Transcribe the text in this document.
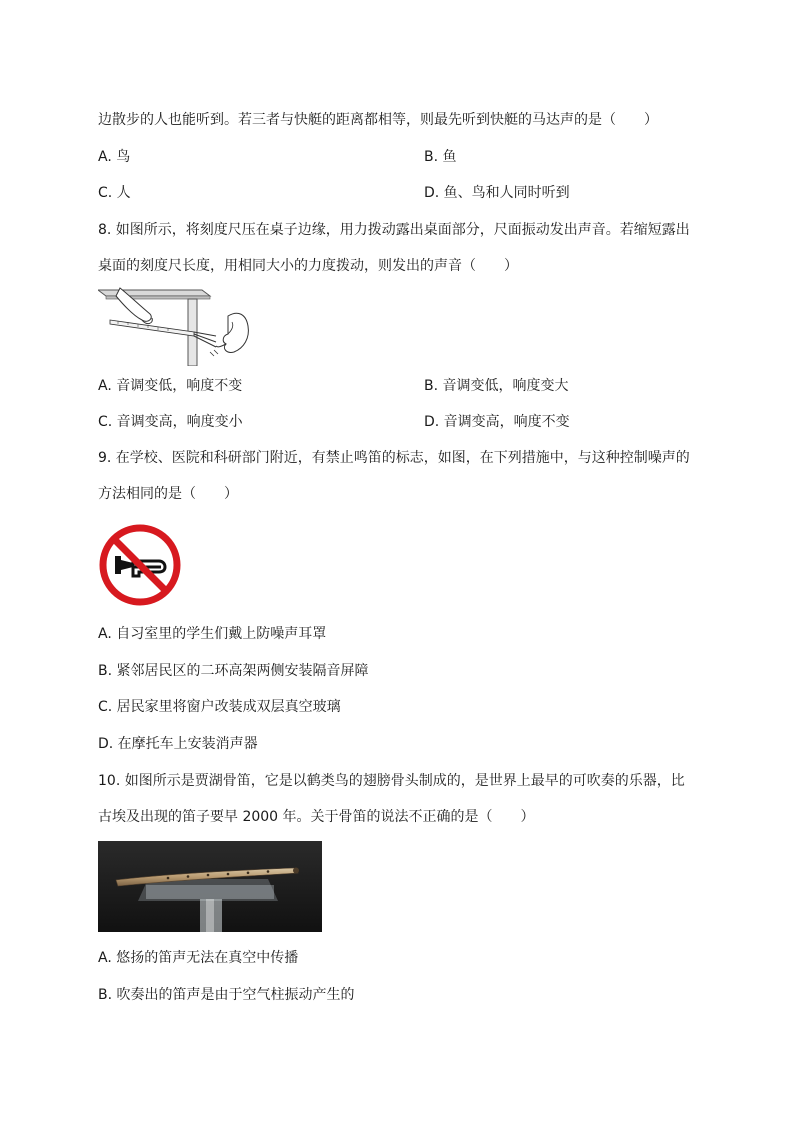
边散步的人也能听到。若三者与快艇的距离都相等，则最先听到快艇的马达声的是（　　）
A. 鸟	B. 鱼
C. 人	D. 鱼、鸟和人同时听到
8. 如图所示，将刻度尺压在桌子边缘，用力拨动露出桌面部分，尺面振动发出声音。若缩短露出
桌面的刻度尺长度，用相同大小的力度拨动，则发出的声音（　　）
A. 音调变低，响度不变	B. 音调变低，响度变大
C. 音调变高，响度变小	D. 音调变高，响度不变
9. 在学校、医院和科研部门附近，有禁止鸣笛的标志，如图，在下列措施中，与这种控制噪声的
方法相同的是（　　）
A. 自习室里的学生们戴上防噪声耳罩
B. 紧邻居民区的二环高架两侧安装隔音屏障
C. 居民家里将窗户改装成双层真空玻璃
D. 在摩托车上安装消声器
10. 如图所示是贾湖骨笛，它是以鹤类鸟的翅膀骨头制成的，是世界上最早的可吹奏的乐器，比
古埃及出现的笛子要早 2000 年。关于骨笛的说法不正确的是（　　）
A. 悠扬的笛声无法在真空中传播
B. 吹奏出的笛声是由于空气柱振动产生的
